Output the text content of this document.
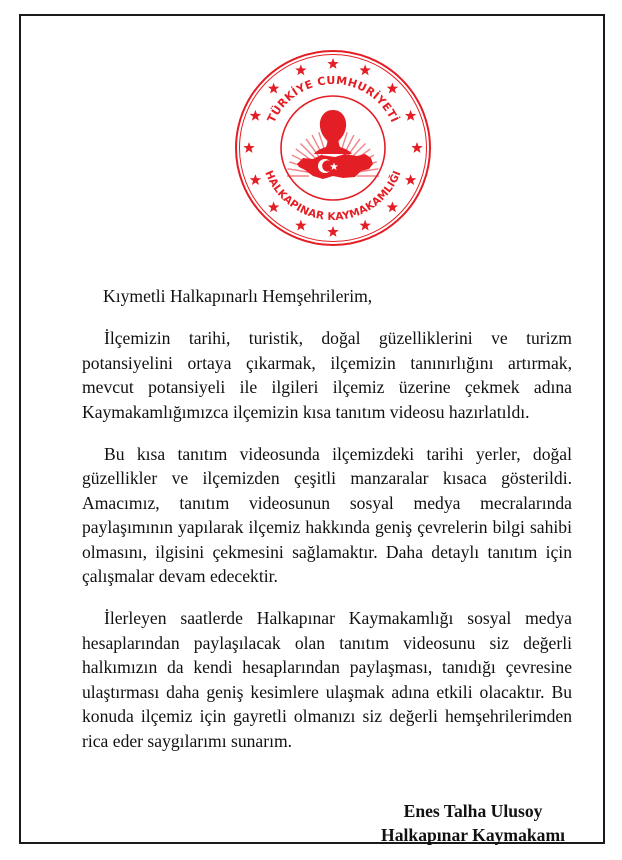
TÜRKİYE CUMHURİYETİ
HALKAPINAR KAYMAKAMLIĞI

Kıymetli Halkapınarlı Hemşehrilerim,

İlçemizin tarihi, turistik, doğal güzelliklerini ve turizm potansiyelini ortaya çıkarmak, ilçemizin tanınırlığını artırmak, mevcut potansiyeli ile ilgileri ilçemiz üzerine çekmek adına Kaymakamlığımızca ilçemizin kısa tanıtım videosu hazırlatıldı.

Bu kısa tanıtım videosunda ilçemizdeki tarihi yerler, doğal güzellikler ve ilçemizden çeşitli manzaralar kısaca gösterildi. Amacımız, tanıtım videosunun sosyal medya mecralarında paylaşımının yapılarak ilçemiz hakkında geniş çevrelerin bilgi sahibi olmasını, ilgisini çekmesini sağlamaktır. Daha detaylı tanıtım için çalışmalar devam edecektir.

İlerleyen saatlerde Halkapınar Kaymakamlığı sosyal medya hesaplarından paylaşılacak olan tanıtım videosunu siz değerli halkımızın da kendi hesaplarından paylaşması, tanıdığı çevresine ulaştırması daha geniş kesimlere ulaşmak adına etkili olacaktır. Bu konuda ilçemiz için gayretli olmanızı siz değerli hemşehrilerimden rica eder saygılarımı sunarım.

Enes Talha Ulusoy
Halkapınar Kaymakamı
